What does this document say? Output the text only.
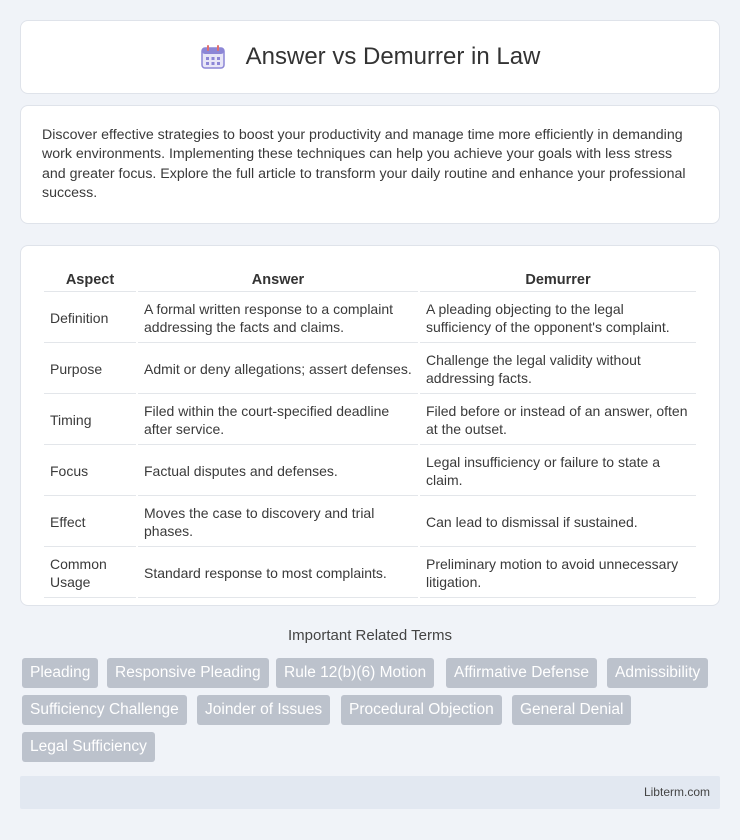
Answer vs Demurrer in Law

Discover effective strategies to boost your productivity and manage time more efficiently in demanding work environments. Implementing these techniques can help you achieve your goals with less stress and greater focus. Explore the full article to transform your daily routine and enhance your professional success.

Aspect	Answer	Demurrer
Definition	A formal written response to a complaint addressing the facts and claims.	A pleading objecting to the legal sufficiency of the opponent's complaint.
Purpose	Admit or deny allegations; assert defenses.	Challenge the legal validity without addressing facts.
Timing	Filed within the court-specified deadline after service.	Filed before or instead of an answer, often at the outset.
Focus	Factual disputes and defenses.	Legal insufficiency or failure to state a claim.
Effect	Moves the case to discovery and trial phases.	Can lead to dismissal if sustained.
Common Usage	Standard response to most complaints.	Preliminary motion to avoid unnecessary litigation.
Important Related Terms
Pleading	Responsive Pleading	Rule 12(b)(6) Motion	Affirmative Defense	Admissibility
Sufficiency Challenge	Joinder of Issues	Procedural Objection	General Denial
Legal Sufficiency
Libterm.com
